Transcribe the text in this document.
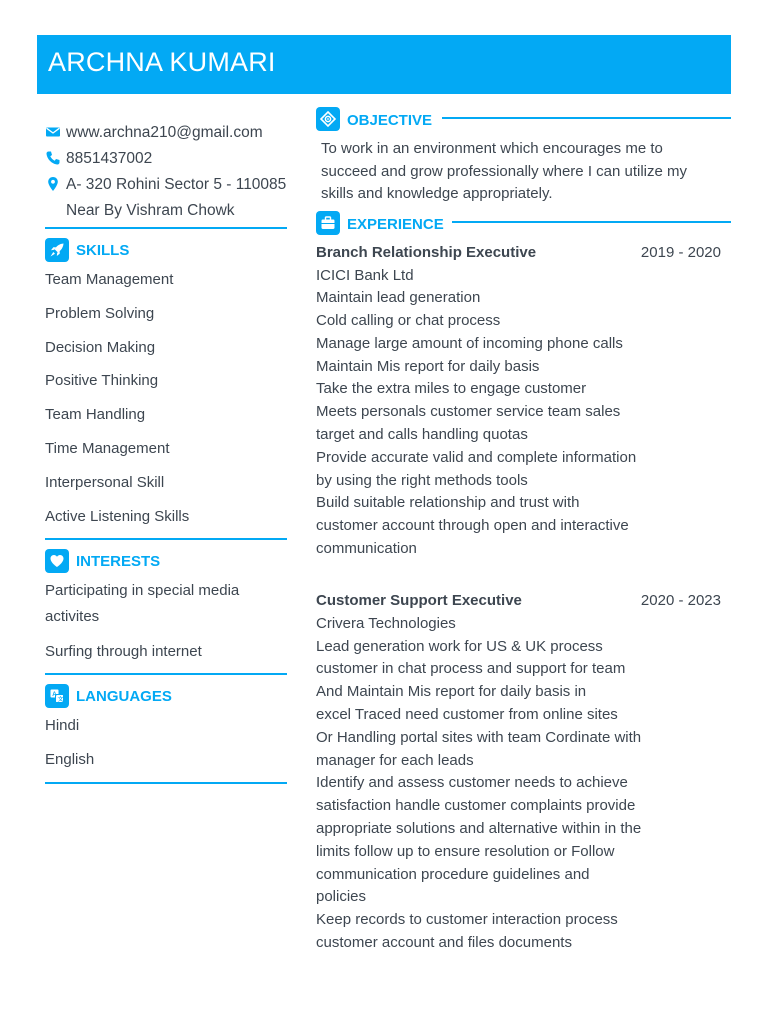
ARCHNA KUMARI
www.archna210@gmail.com
8851437002
A- 320 Rohini Sector 5 - 110085
Near By Vishram Chowk
SKILLS
Team Management
Problem Solving
Decision Making
Positive Thinking
Team Handling
Time Management
Interpersonal Skill
Active Listening Skills
INTERESTS
Participating in special media
activites
Surfing through internet
A
文 LANGUAGES
Hindi
English
OBJECTIVE
To work in an environment which encourages me to
succeed and grow professionally where I can utilize my
skills and knowledge appropriately.
EXPERIENCE
Branch Relationship Executive	2019 - 2020
ICICI Bank Ltd
Maintain lead generation
Cold calling or chat process
Manage large amount of incoming phone calls
Maintain Mis report for daily basis
Take the extra miles to engage customer
Meets personals customer service team sales
target and calls handling quotas
Provide accurate valid and complete information
by using the right methods tools
Build suitable relationship and trust with
customer account through open and interactive
communication
Customer Support Executive	2020 - 2023
Crivera Technologies
Lead generation work for US & UK process
customer in chat process and support for team
And Maintain Mis report for daily basis in
excel Traced need customer from online sites
Or Handling portal sites with team Cordinate with
manager for each leads
Identify and assess customer needs to achieve
satisfaction handle customer complaints provide
appropriate solutions and alternative within in the
limits follow up to ensure resolution or Follow
communication procedure guidelines and
policies
Keep records to customer interaction process
customer account and files documents
